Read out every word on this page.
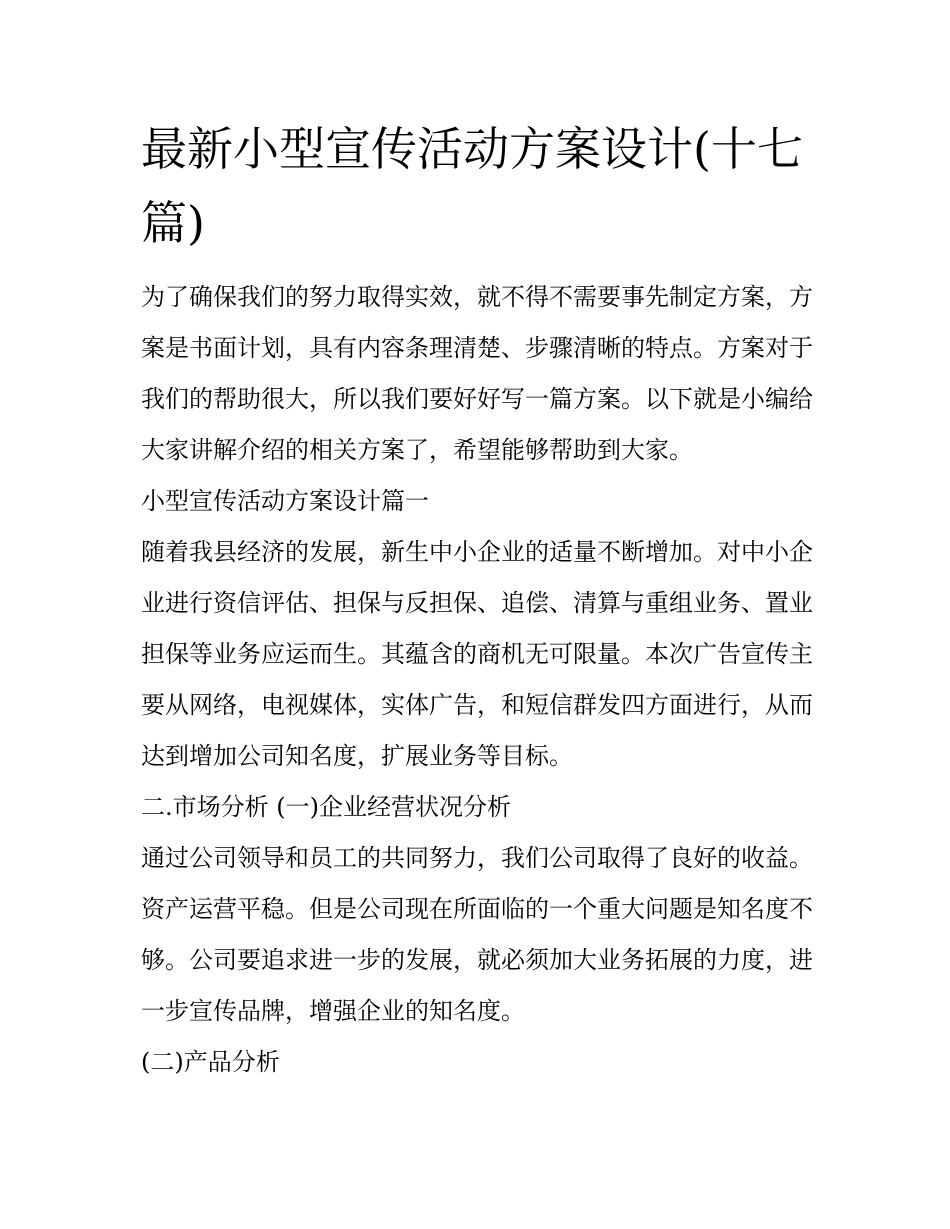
最新小型宣传活动方案设计(十七篇)

为了确保我们的努力取得实效，就不得不需要事先制定方案，方案是书面计划，具有内容条理清楚、步骤清晰的特点。方案对于我们的帮助很大，所以我们要好好写一篇方案。以下就是小编给大家讲解介绍的相关方案了，希望能够帮助到大家。

小型宣传活动方案设计篇一

随着我县经济的发展，新生中小企业的适量不断增加。对中小企业进行资信评估、担保与反担保、追偿、清算与重组业务、置业担保等业务应运而生。其蕴含的商机无可限量。本次广告宣传主要从网络，电视媒体，实体广告，和短信群发四方面进行，从而达到增加公司知名度，扩展业务等目标。

二.市场分析 (一)企业经营状况分析

通过公司领导和员工的共同努力，我们公司取得了良好的收益。资产运营平稳。但是公司现在所面临的一个重大问题是知名度不够。公司要追求进一步的发展，就必须加大业务拓展的力度，进一步宣传品牌，增强企业的知名度。

(二)产品分析
